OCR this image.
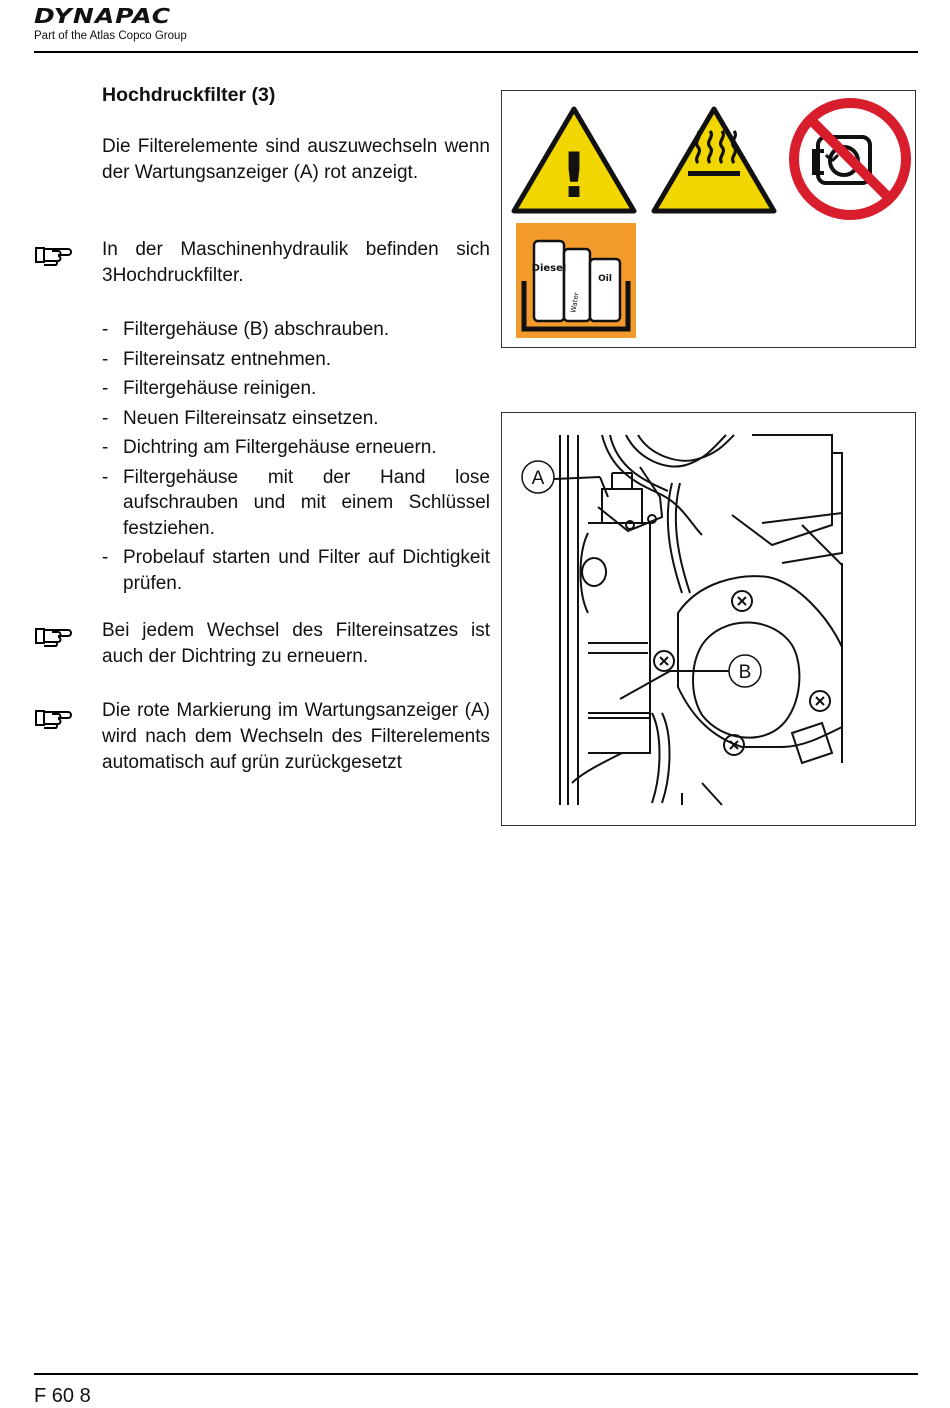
DYNAPAC
Part of the Atlas Copco Group
Hochdruckfilter (3)
Die Filterelemente sind auszuwechseln wenn der Wartungsanzeiger (A) rot anzeigt.
In der Maschinenhydraulik befinden sich 3Hochdruckfilter.
- Filtergehäuse (B) abschrauben.
- Filtereinsatz entnehmen.
- Filtergehäuse reinigen.
- Neuen Filtereinsatz einsetzen.
- Dichtring am Filtergehäuse erneuern.
- Filtergehäuse mit der Hand lose aufschrauben und mit einem Schlüssel festziehen.
- Probelauf starten und Filter auf Dichtigkeit prüfen.
Bei jedem Wechsel des Filtereinsatzes ist auch der Dichtring zu erneuern.
Die rote Markierung im Wartungsanzeiger (A) wird nach dem Wechseln des Filterelements automatisch auf grün zurückgesetzt
!
Diesel
Oil
Water
A
B
F 60 8
